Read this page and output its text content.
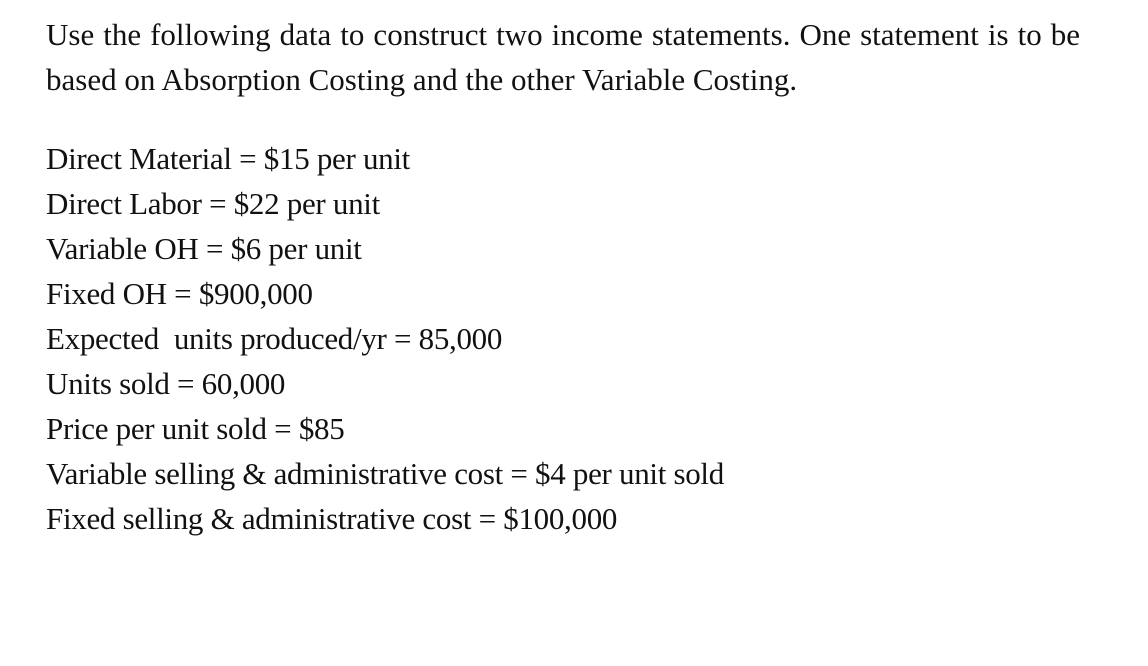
Use the following data to construct two income statements. One statement is to be based on Absorption Costing and the other Variable Costing.

Direct Material = $15 per unit
Direct Labor = $22 per unit
Variable OH = $6 per unit
Fixed OH = $900,000
Expected  units produced/yr = 85,000
Units sold = 60,000
Price per unit sold = $85
Variable selling & administrative cost = $4 per unit sold
Fixed selling & administrative cost = $100,000
